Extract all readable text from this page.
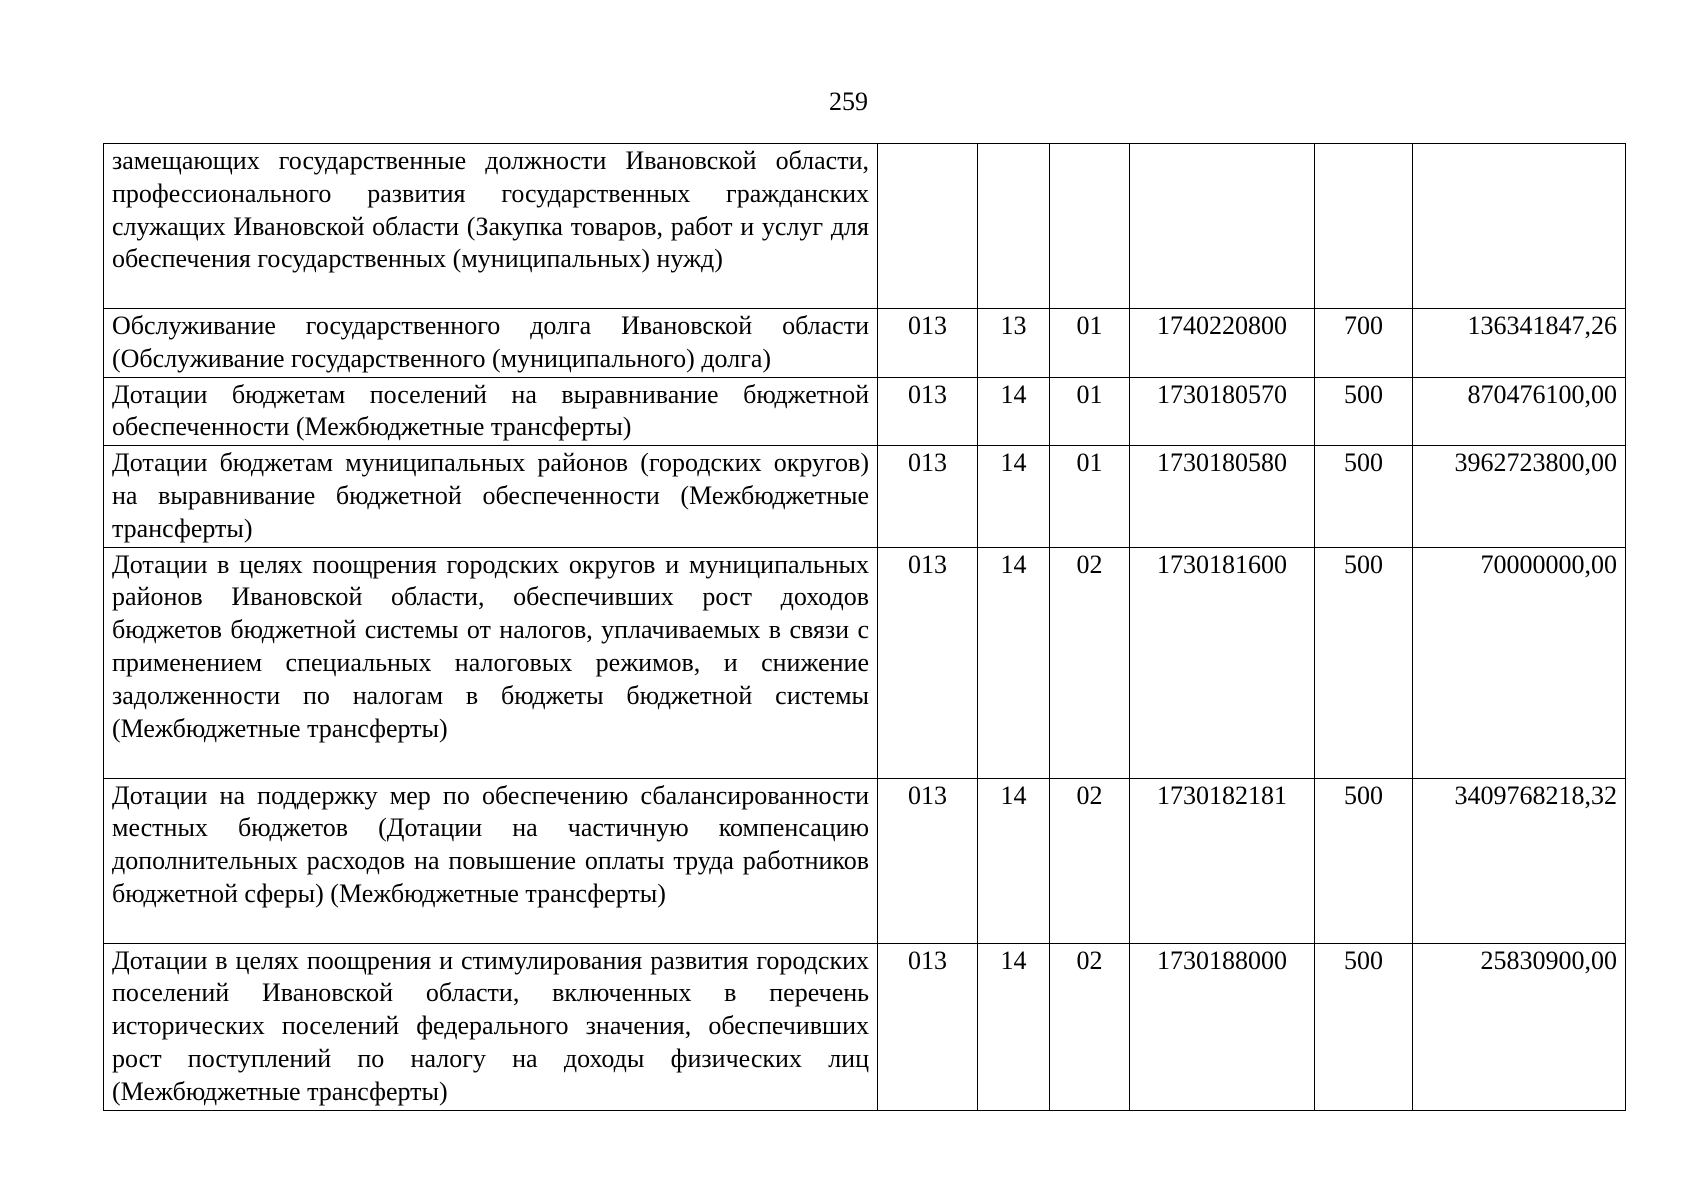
259
замещающих государственные должности Ивановской области, профессионального развития государственных гражданских служащих Ивановской области (Закупка товаров, работ и услуг для обеспечения государственных (муниципальных) нужд)						
Обслуживание государственного долга Ивановской области (Обслуживание государственного (муниципального) долга)	013	13	01	1740220800	700	136341847,26
Дотации бюджетам поселений на выравнивание бюджетной обеспеченности (Межбюджетные трансферты)	013	14	01	1730180570	500	870476100,00
Дотации бюджетам муниципальных районов (городских округов) на выравнивание бюджетной обеспеченности (Межбюджетные трансферты)	013	14	01	1730180580	500	3962723800,00
Дотации в целях поощрения городских округов и муниципальных районов Ивановской области, обеспечивших рост доходов бюджетов бюджетной системы от налогов, уплачиваемых в связи с применением специальных налоговых режимов, и снижение задолженности по налогам в бюджеты бюджетной системы (Межбюджетные трансферты)	013	14	02	1730181600	500	70000000,00
Дотации на поддержку мер по обеспечению сбалансированности местных бюджетов (Дотации на частичную компенсацию дополнительных расходов на повышение оплаты труда работников бюджетной сферы) (Межбюджетные трансферты)	013	14	02	1730182181	500	3409768218,32
Дотации в целях поощрения и стимулирования развития городских поселений Ивановской области, включенных в перечень исторических поселений федерального значения, обеспечивших рост поступлений по налогу на доходы физических лиц (Межбюджетные трансферты)	013	14	02	1730188000	500	25830900,00
